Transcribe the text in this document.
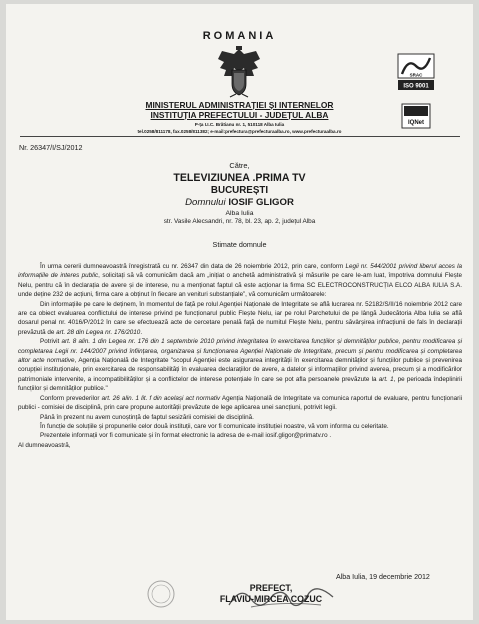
ROMANIA
MINISTERUL ADMINISTRAȚIEI ȘI INTERNELOR
INSTITUȚIA PREFECTULUI - JUDEȚUL ALBA
P-ța I.I.C. Brătianu nr. 1, 510118 Alba Iulia
tel.0258/811178, fax.0258/811382; e-mail:prefectura@prefecturaalba.ro, www.prefecturaalba.ro
SRAC
ISO 9001
IQNet
Nr. 26347/I/SJ/2012
Către,
TELEVIZIUNEA .PRIMA TV
BUCUREȘTI
Domnului IOSIF GLIGOR
Alba Iulia
str. Vasile Alecsandri, nr. 78, bl. 23, ap. 2, județul Alba
Stimate domnule

În urma cererii dumneavoastră înregistrată cu nr. 26347 din data de 26 noiembrie 2012, prin care, conform Legii nr. 544/2001 privind liberul acces la informațiile de interes public, solicitați să vă comunicăm dacă am „inițiat o anchetă administrativă și măsurile pe care le-am luat, împotriva domnului Flește Nelu, pentru că în declarația de avere și de interese, nu a menționat faptul că este acționar la firma SC ELECTROCONSTRUCȚIA ELCO ALBA IULIA S.A. unde deține 232 de acțiuni, firma care a obținut în fiecare an venituri substanțiale”, vă comunicăm următoarele:

Din informațiile pe care le deținem, în momentul de față pe rolul Agenției Naționale de Integritate se află lucrarea nr. 52182/S/II/16 noiembrie 2012 care are ca obiect evaluarea conflictului de interese privind pe funcționarul public Flește Nelu, iar pe rolul Parchetului de pe lângă Judecătoria Alba Iulia se află dosarul penal nr. 4016/P/2012 în care se efectuează acte de cercetare penală față de numitul Flește Nelu, pentru săvârșirea infracțiunii de fals în declarații prevăzută de art. 28 din Legea nr. 176/2010.

Potrivit art. 8 alin. 1 din Legea nr. 176 din 1 septembrie 2010 privind integritatea în exercitarea funcțiilor și demnităților publice, pentru modificarea și completarea Legii nr. 144/2007 privind înființarea, organizarea și funcționarea Agenției Naționale de Integritate, precum și pentru modificarea și completarea altor acte normative, Agenția Națională de Integritate "scopul Agenției este asigurarea integrității în exercitarea demnităților și funcțiilor publice și prevenirea corupției instituționale, prin exercitarea de responsabilități în evaluarea declarațiilor de avere, a datelor și informațiilor privind averea, precum și a modificărilor patrimoniale intervenite, a incompatibilităților și a conflictelor de interese potențiale în care se pot afla persoanele prevăzute la art. 1, pe perioada îndeplinirii funcțiilor și demnităților publice."

Conform prevederilor art. 26 alin. 1 lit. f din același act normativ Agenția Națională de Integritate va comunica raportul de evaluare, pentru funcționarii publici - comisiei de disciplină, prin care propune autorității prevăzute de lege aplicarea unei sancțiuni, potrivit legii.

Până în prezent nu avem cunoștință de faptul sesizării comisiei de disciplină.

În funcție de soluțiile și propunerile celor două instituții, care vor fi comunicate instituției noastre, vă vom informa cu celeritate.

Prezentele informații vor fi comunicate și în format electronic la adresa de e-mail iosif.gligor@primatv.ro .

Al dumneavoastră,

Alba Iulia, 19 decembrie 2012
PREFECT,
FLAVIU-MIRCEA COZUC
